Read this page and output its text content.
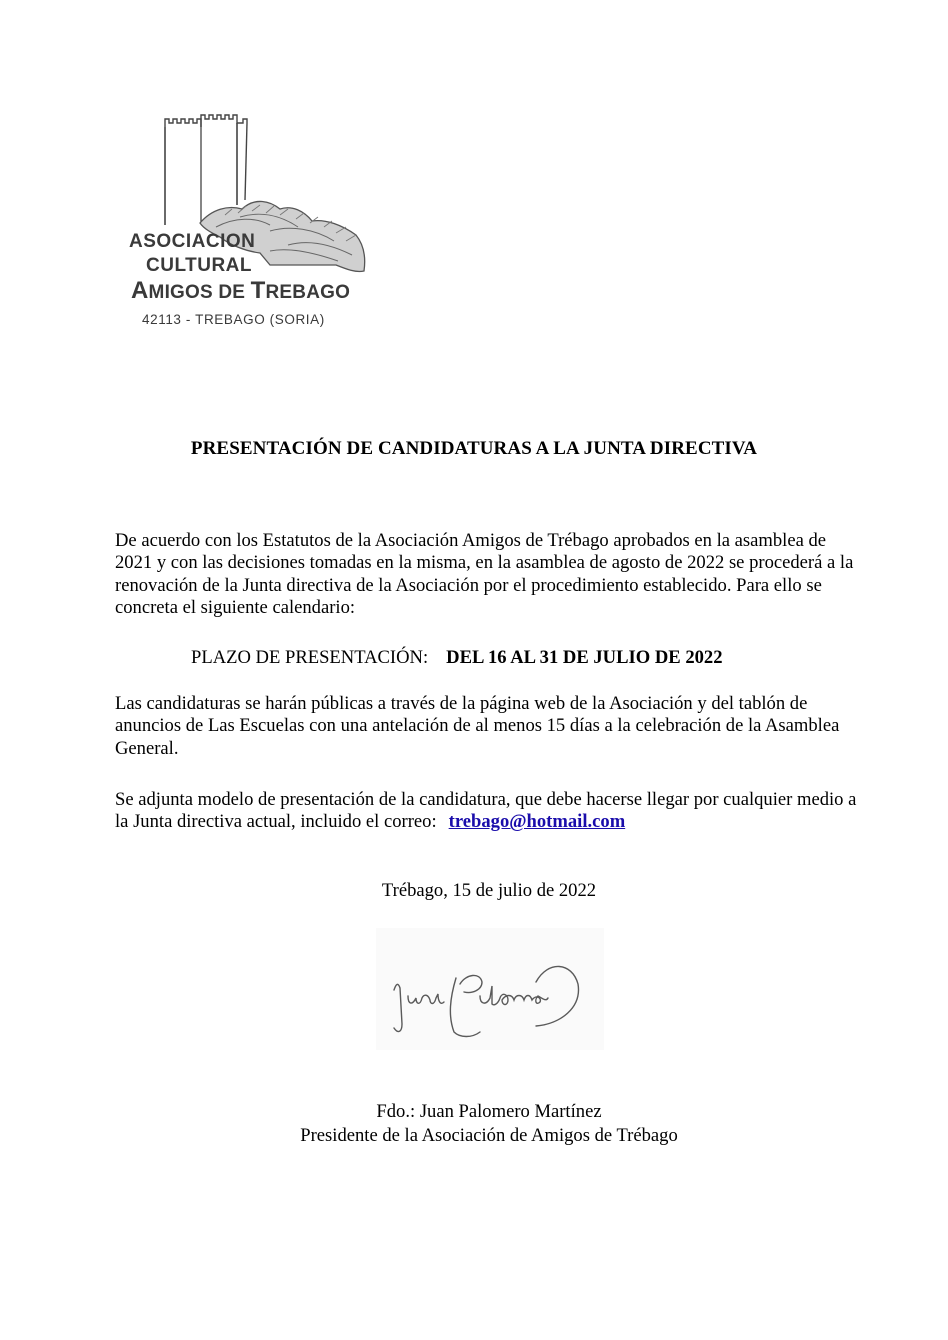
ASOCIACION
CULTURAL
AMIGOS DE TREBAGO
42113 - TREBAGO (SORIA)
PRESENTACIÓN DE CANDIDATURAS A LA JUNTA DIRECTIVA

De acuerdo con los Estatutos de la Asociación Amigos de Trébago aprobados en la asamblea de 2021 y con las decisiones tomadas en la misma, en la asamblea de agosto de 2022 se procederá a la renovación de la Junta directiva de la Asociación por el procedimiento establecido. Para ello se concreta el siguiente calendario:

PLAZO DE PRESENTACIÓN: DEL 16 AL 31 DE JULIO DE 2022

Las candidaturas se harán públicas a través de la página web de la Asociación y del tablón de anuncios de Las Escuelas con una antelación de al menos 15 días a la celebración de la Asamblea General.

Se adjunta modelo de presentación de la candidatura, que debe hacerse llegar por cualquier medio a la Junta directiva actual, incluido el correo: trebago@hotmail.com

Trébago, 15 de julio de 2022
Fdo.: Juan Palomero Martínez
Presidente de la Asociación de Amigos de Trébago
